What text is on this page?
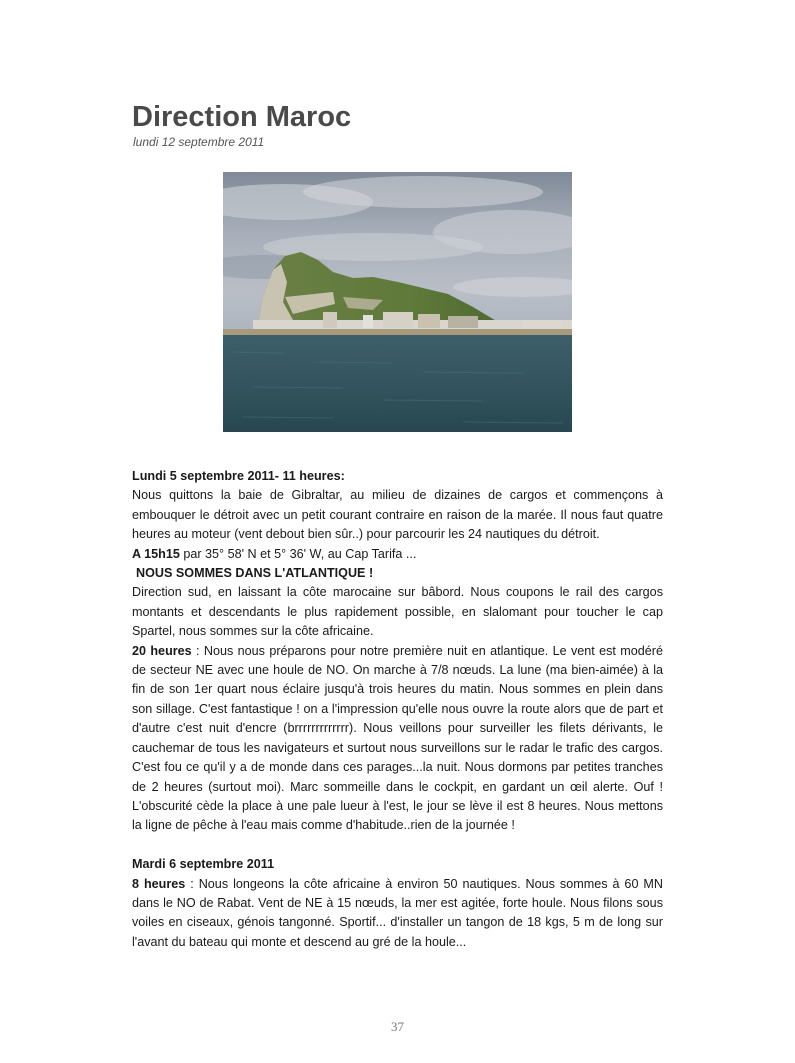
Direction Maroc
lundi 12 septembre 2011

Lundi 5 septembre 2011- 11 heures:

Nous quittons la baie de Gibraltar, au milieu de dizaines de cargos et commençons à embouquer le détroit avec un petit courant contraire en raison de la marée. Il nous faut quatre heures au moteur (vent debout bien sûr..) pour parcourir les 24 nautiques du détroit.

A 15h15 par 35° 58' N et 5° 36' W, au Cap Tarifa ...

NOUS SOMMES DANS L'ATLANTIQUE !

Direction sud, en laissant la côte marocaine sur bâbord. Nous coupons le rail des cargos montants et descendants le plus rapidement possible, en slalomant pour toucher le cap Spartel, nous sommes sur la côte africaine.

20 heures : Nous nous préparons pour notre première nuit en atlantique. Le vent est modéré de secteur NE avec une houle de NO. On marche à 7/8 nœuds. La lune (ma bien-aimée) à la fin de son 1er quart nous éclaire jusqu'à trois heures du matin. Nous sommes en plein dans son sillage. C'est fantastique ! on a l'impression qu'elle nous ouvre la route alors que de part et d'autre c'est nuit d'encre (brrrrrrrrrrrrr). Nous veillons pour surveiller les filets dérivants, le cauchemar de tous les navigateurs et surtout nous surveillons sur le radar le trafic des cargos. C'est fou ce qu'il y a de monde dans ces parages...la nuit. Nous dormons par petites tranches de 2 heures (surtout moi). Marc sommeille dans le cockpit, en gardant un œil alerte. Ouf ! L'obscurité cède la place à une pale lueur à l'est, le jour se lève il est 8 heures. Nous mettons la ligne de pêche à l'eau mais comme d'habitude..rien de la journée !

Mardi 6 septembre 2011

8 heures : Nous longeons la côte africaine à environ 50 nautiques. Nous sommes à 60 MN dans le NO de Rabat. Vent de NE à 15 nœuds, la mer est agitée, forte houle. Nous filons sous voiles en ciseaux, génois tangonné. Sportif... d'installer un tangon de 18 kgs, 5 m de long sur l'avant du bateau qui monte et descend au gré de la houle...

37
